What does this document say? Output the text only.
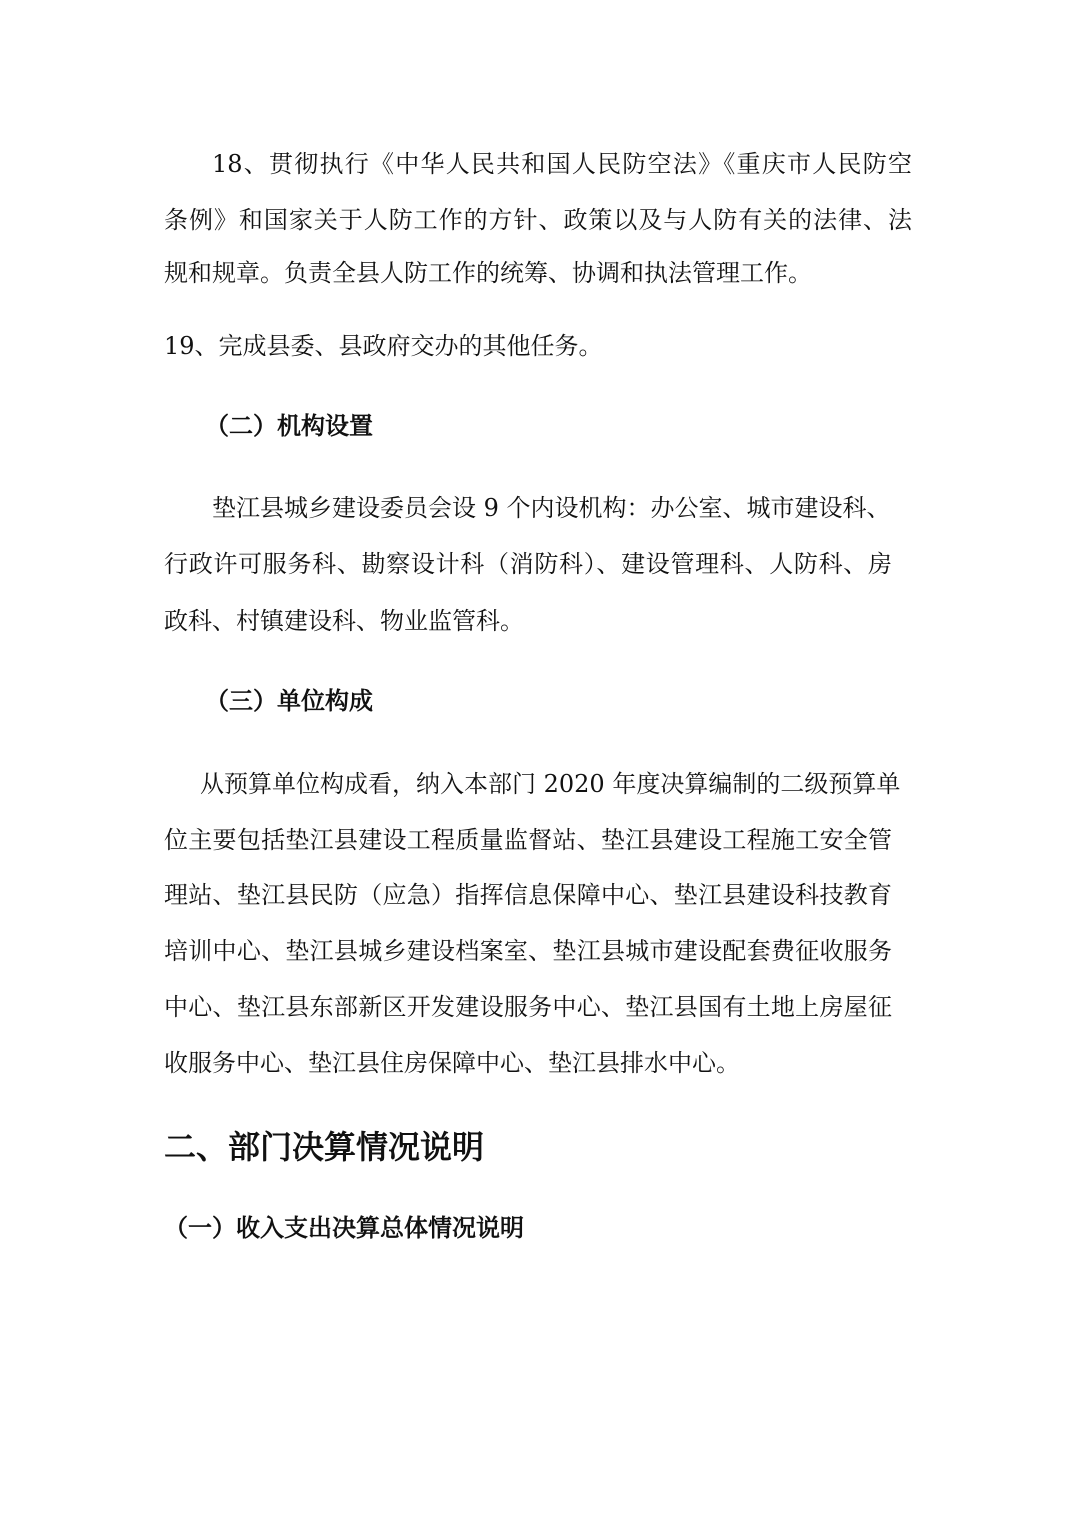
18、贯彻执行《中华人民共和国人民防空法》《重庆市人民防空
条例》和国家关于人防工作的方针、政策以及与人防有关的法律、法
规和规章。负责全县人防工作的统筹、协调和执法管理工作。
19、完成县委、县政府交办的其他任务。
（二）机构设置
垫江县城乡建设委员会设 9 个内设机构：办公室、城市建设科、
行政许可服务科、勘察设计科（消防科）、建设管理科、人防科、房
政科、村镇建设科、物业监管科。
（三）单位构成
从预算单位构成看，纳入本部门 2020 年度决算编制的二级预算单
位主要包括垫江县建设工程质量监督站、垫江县建设工程施工安全管
理站、垫江县民防（应急）指挥信息保障中心、垫江县建设科技教育
培训中心、垫江县城乡建设档案室、垫江县城市建设配套费征收服务
中心、垫江县东部新区开发建设服务中心、垫江县国有土地上房屋征
收服务中心、垫江县住房保障中心、垫江县排水中心。
二、部门决算情况说明
（一）收入支出决算总体情况说明
